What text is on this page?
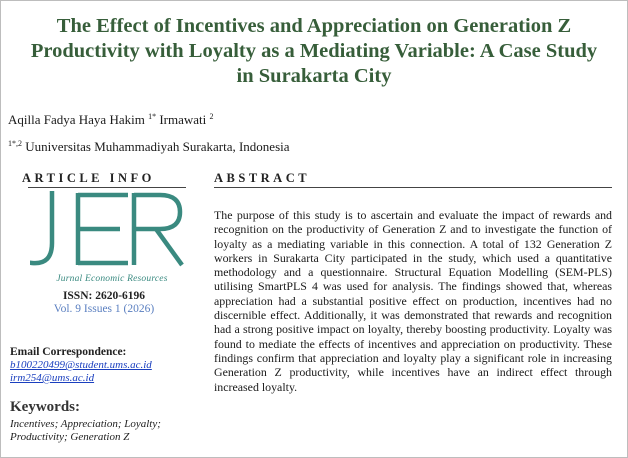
The Effect of Incentives and Appreciation on Generation Z
Productivity with Loyalty as a Mediating Variable: A Case Study
in Surakarta City
Aqilla Fadya Haya Hakim $^{1*}$ Irmawati $^2$
$^{1*,2}$ Uuniversitas Muhammadiyah Surakarta, Indonesia
ARTICLE INFO
Jurnal Economic Resources
ISSN: 2620-6196
Vol. 9 Issues 1 (2026)
Email Correspondence:
b100220499@student.ums.ac.id
irm254@ums.ac.id
Keywords:
Incentives; Appreciation; Loyalty; Productivity; Generation Z
ABSTRACT

The purpose of this study is to ascertain and evaluate the impact of rewards and recognition on the productivity of Generation Z and to investigate the function of loyalty as a mediating variable in this connection. A total of 132 Generation Z workers in Surakarta City participated in the study, which used a quantitative methodology and a questionnaire. Structural Equation Modelling (SEM-PLS) utilising SmartPLS 4 was used for analysis. The findings showed that, whereas appreciation had a substantial positive effect on production, incentives had no discernible effect. Additionally, it was demonstrated that rewards and recognition had a strong positive impact on loyalty, thereby boosting productivity. Loyalty was found to mediate the effects of incentives and appreciation on productivity. These findings confirm that appreciation and loyalty play a significant role in increasing Generation Z productivity, while incentives have an indirect effect through increased loyalty.
